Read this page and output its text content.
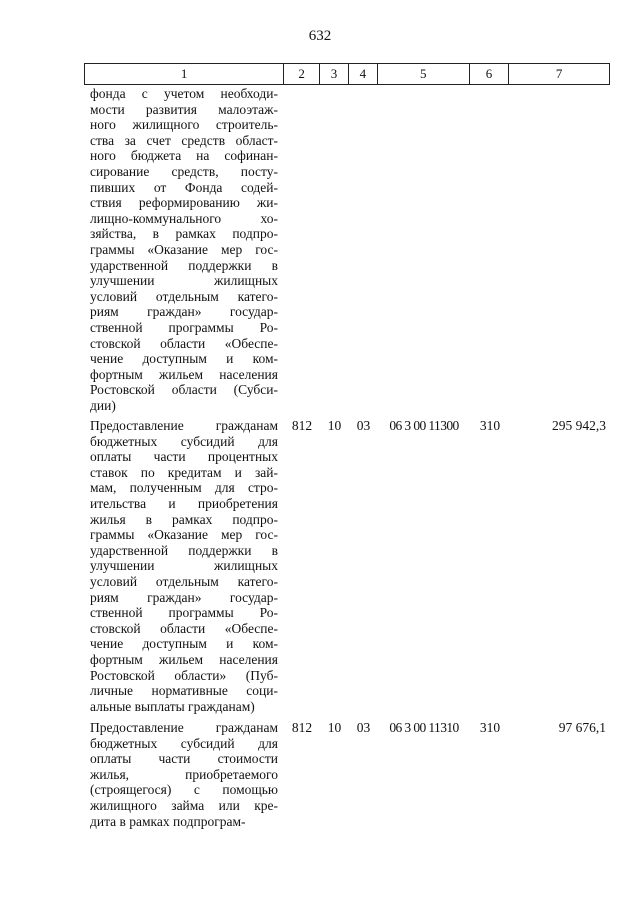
632
1	2	3	4	5	6	7
фонда с учетом необходи-
мости развития малоэтаж-
ного жилищного строитель-
ства за счет средств област-
ного бюджета на софинан-
сирование средств, посту-
пивших от Фонда содей-
ствия реформированию жи-
лищно-коммунального хо-
зяйства, в рамках подпро-
граммы «Оказание мер гос-
ударственной поддержки в
улучшении жилищных
условий отдельным катего-
риям граждан» государ-
ственной программы Ро-
стовской области «Обеспе-
чение доступным и ком-
фортным жильем населения
Ростовской области (Субси-
дии)
Предоставление гражданам
бюджетных субсидий для
оплаты части процентных
ставок по кредитам и зай-
мам, полученным для стро-
ительства и приобретения
жилья в рамках подпро-
граммы «Оказание мер гос-
ударственной поддержки в
улучшении жилищных
условий отдельным катего-
риям граждан» государ-
ственной программы Ро-
стовской области «Обеспе-
чение доступным и ком-
фортным жильем населения
Ростовской области» (Пуб-
личные нормативные соци-
альные выплаты гражданам)
812	10	03	06 3 00 11300	310	295 942,3
Предоставление гражданам
бюджетных субсидий для
оплаты части стоимости
жилья, приобретаемого
(строящегося) с помощью
жилищного займа или кре-
дита в рамках подпрограм-
812	10	03	06 3 00 11310	310	97 676,1
